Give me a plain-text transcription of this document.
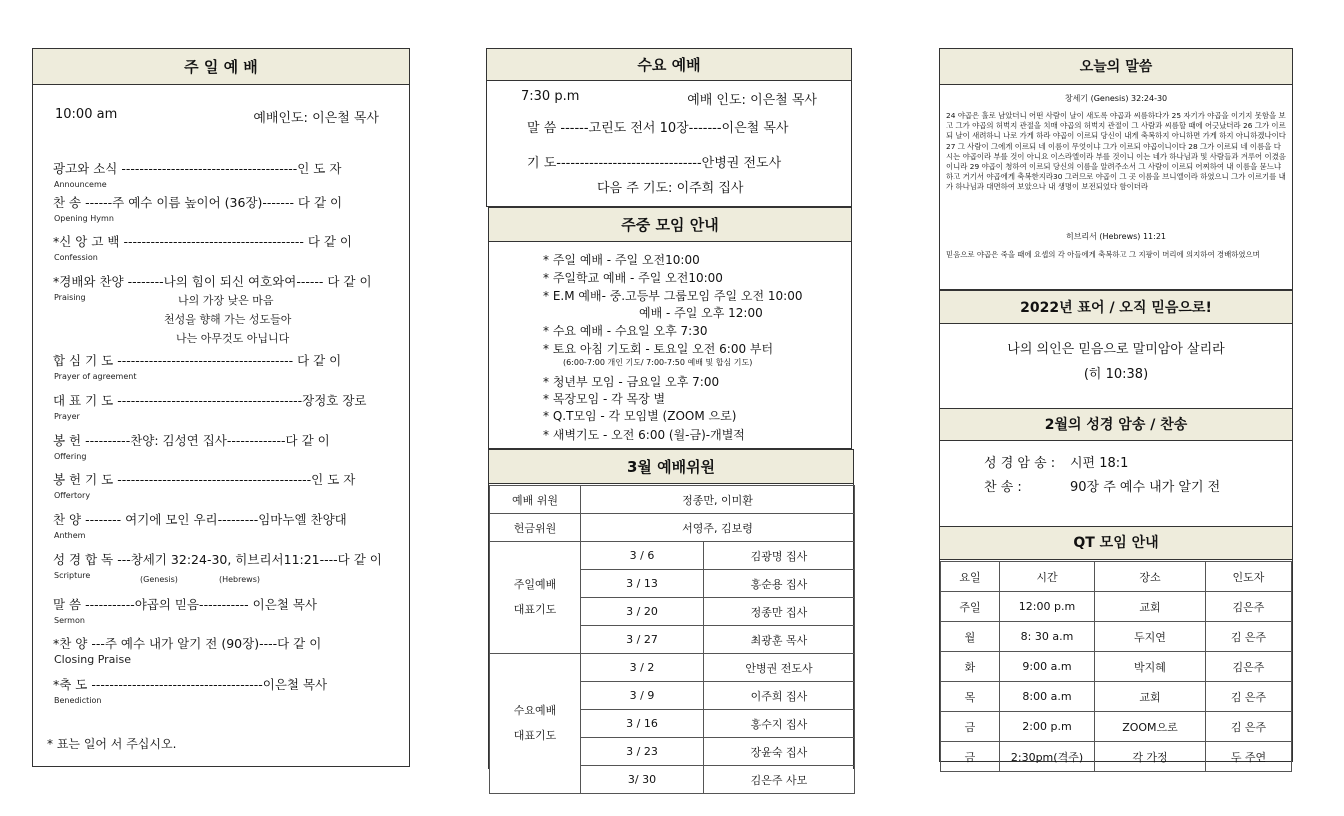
주 일 예 배
10:00 am	예배인도: 이은철 목사
광고와 소식 ---------------------------------------인 도 자
Announceme
찬 송 ------주 예수 이름 높이어 (36장)------- 다 같 이
Opening Hymn
*신 앙 고 백 ---------------------------------------- 다 같 이
Confession
*경배와 찬양 --------나의 힘이 되신 여호와여------ 다 같 이
Praising
합 심 기 도 --------------------------------------- 다 같 이
Prayer of agreement
대 표 기 도 -----------------------------------------장정호 장로
Prayer
봉 헌 ----------찬양: 김성연 집사-------------다 같 이
Offering
봉 헌 기 도 -------------------------------------------인 도 자
Offertory
찬 양 -------- 여기에 모인 우리---------임마누엘 찬양대
Anthem
성 경 합 독 ---창세기 32:24-30, 히브리서11:21----다 같 이
Scripture
말 씀 -----------야곱의 믿음----------- 이은철 목사
Sermon
*찬 양 ---주 예수 내가 알기 전 (90장)----다 같 이
Closing Praise
*축 도 --------------------------------------이은철 목사
Benediction
나의 가장 낮은 마음
천성을 향해 가는 성도들아
나는 아무것도 아닙니다
(Genesis)	(Hebrews)
* 표는 일어 서 주십시오.
수요 예배
7:30 p.m	예배 인도: 이은철 목사
말 씀 ------고린도 전서 10장-------이은철 목사
기 도-------------------------------안병권 전도사
다음 주 기도: 이주희 집사
주중 모임 안내
* 주일 예배 - 주일 오전10:00
* 주일학교 예배 - 주일 오전10:00
* E.M 예배- 중.고등부 그룹모임 주일 오전 10:00
예배 - 주일 오후 12:00
* 수요 예배 - 수요일 오후 7:30
* 토요 아침 기도회 - 토요일 오전 6:00 부터
(6:00-7:00 개인 기도/ 7:00-7:50 예배 및 합심 기도)
* 청년부 모임 - 금요일 오후 7:00
* 목장모임 - 각 목장 별
* Q.T모임 - 각 모임별 (ZOOM 으로)
* 새벽기도 - 오전 6:00 (월-금)-개별적
3월 예배위원
예배 위원	정종만, 이미환	
헌금위원	서영주, 김보령	
주일예배
대표기도	3 / 6	김광명 집사
	3 / 13	홍순용 집사
	3 / 20	정종만 집사
	3 / 27	최광훈 목사
수요예배
대표기도	3 / 2	안병권 전도사
	3 / 9	이주희 집사
	3 / 16	홍수지 집사
	3 / 23	장윤숙 집사
	3/ 30	김은주 사모
오늘의 말씀
창세기 (Genesis) 32:24-30
24 야곱은 홀로 남았더니 어떤 사람이 날이 새도록 야곱과 씨름하다가 25 자기가 야곱을 이기지 못함을 보고 그가 야곱의 허벅지 관절을 치매 야곱의 허벅지 관절이 그 사람과 씨름할 때에 어긋났더라 26 그가 이르되 날이 새려하니 나로 가게 하라 야곱이 이르되 당신이 내게 축복하지 아니하면 가게 하지 아니하겠나이다 27 그 사람이 그에게 이르되 네 이름이 무엇이냐 그가 이르되 야곱이니이다 28 그가 이르되 네 이름을 다시는 야곱이라 부를 것이 아니요 이스라엘이라 부를 것이니 이는 네가 하나님과 및 사람들과 겨루어 이겼음이니라 29 야곱이 청하여 이르되 당신의 이름을 알려주소서 그 사람이 이르되 어찌하여 내 이름을 묻느냐 하고 거기서 야곱에게 축복한지라30 그러므로 야곱이 그 곳 이름을 브니엘이라 하였으니 그가 이르기를 내가 하나님과 대면하여 보았으나 내 생명이 보전되었다 함이더라
히브리서 (Hebrews) 11:21
믿음으로 야곱은 죽을 때에 요셉의 각 아들에게 축복하고 그 지팡이 머리에 의지하여 경배하였으며
2022년 표어 / 오직 믿음으로!
나의 의인은 믿음으로 말미암아 살리라
(히 10:38)
2월의 성경 암송 / 찬송
성 경 암 송 : 시편 18:1
찬 송 :	90장 주 예수 내가 알기 전
QT 모임 안내
요일	시간	장소	인도자
주일	12:00 p.m	교회	김은주
월	8: 30 a.m	두지연	김 은주
화	9:00 a.m	박지혜	김은주
목	8:00 a.m	교회	김 은주
금	2:00 p.m	ZOOM으로	김 은주
금	2:30pm(격주)	각 가정	두 주연
